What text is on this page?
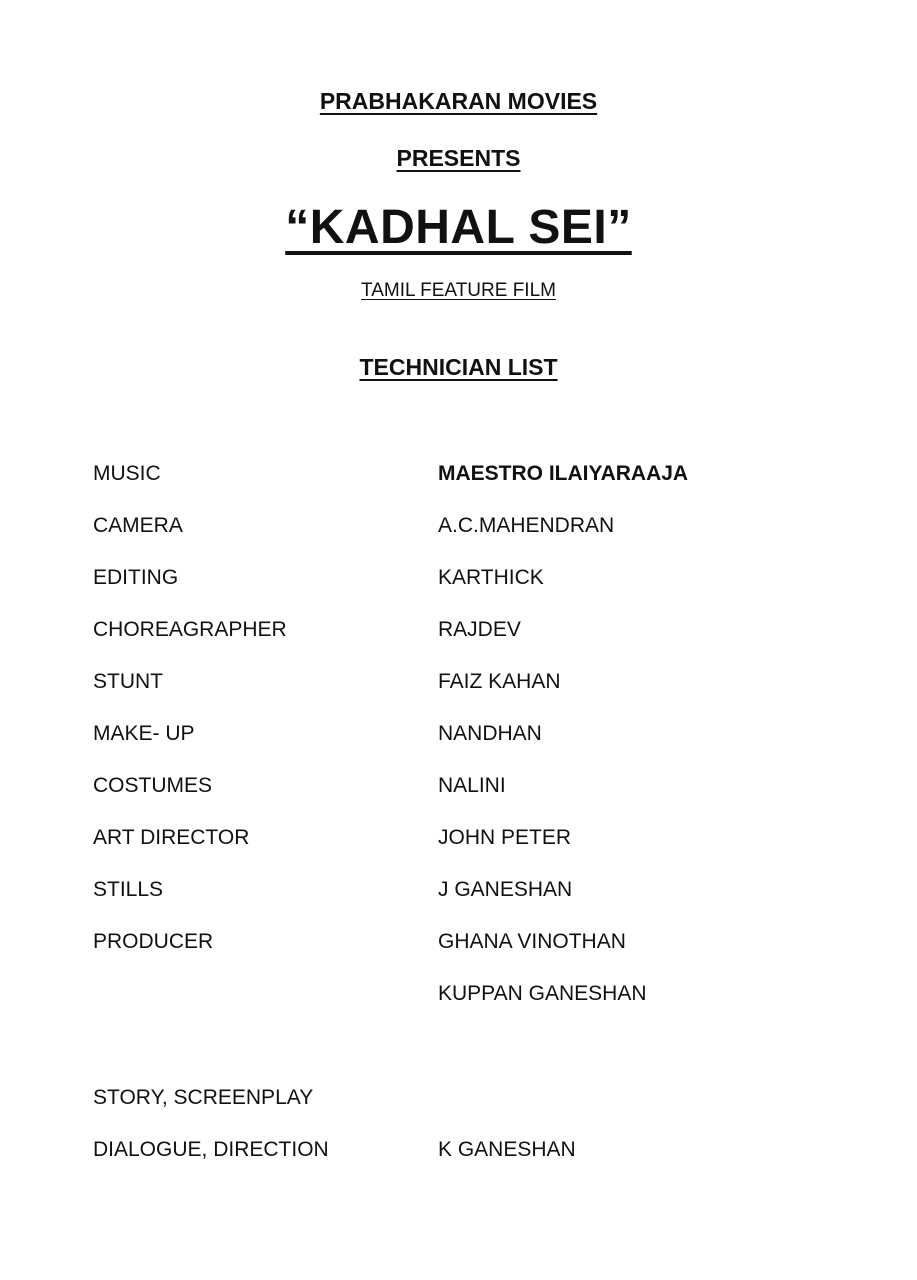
PRABHAKARAN MOVIES
PRESENTS
“KADHAL SEI”
TAMIL FEATURE FILM
TECHNICIAN LIST
MUSIC	MAESTRO ILAIYARAAJA
CAMERA	A.C.MAHENDRAN
EDITING	KARTHICK
CHOREAGRAPHER	RAJDEV
STUNT	FAIZ KAHAN
MAKE- UP	NANDHAN
COSTUMES	NALINI
ART DIRECTOR	JOHN PETER
STILLS	J GANESHAN
PRODUCER	GHANA VINOTHAN
KUPPAN GANESHAN
STORY, SCREENPLAY
DIALOGUE, DIRECTION	K GANESHAN
